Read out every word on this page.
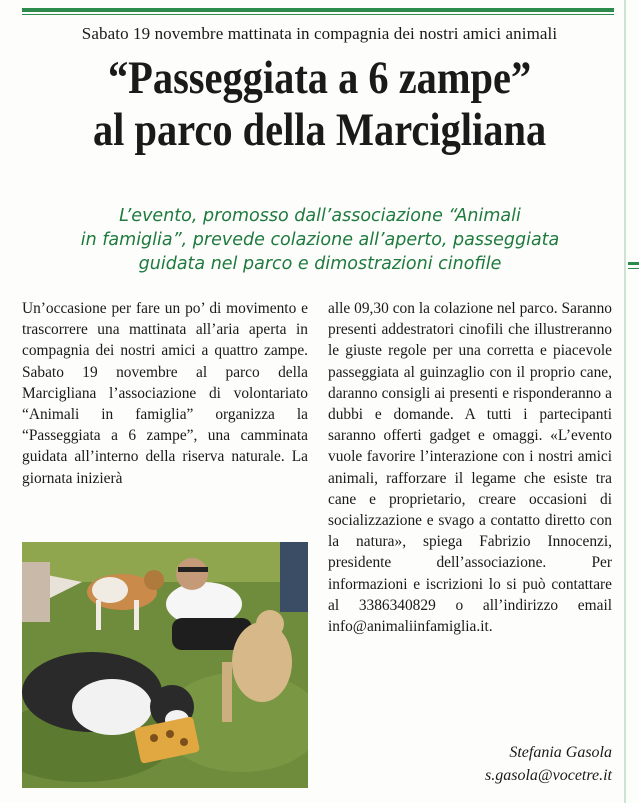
Sabato 19 novembre mattinata in compagnia dei nostri amici animali
“Passeggiata a 6 zampe”
al parco della Marcigliana
L’evento, promosso dall’associazione “Animali
in famiglia”, prevede colazione all’aperto, passeggiata
guidata nel parco e dimostrazioni cinofile

Un’occasione per fare un po’ di movimento e trascorrere una mattinata all’aria aperta in compagnia dei nostri amici a quattro zampe. Sabato 19 novembre al parco della Marcigliana l’associazione di volontariato “Animali in famiglia” organizza la “Passeggiata a 6 zampe”, una camminata guidata all’interno della riserva naturale. La giornata inizierà

alle 09,30 con la colazione nel parco. Saranno presenti addestratori cinofili che illustreranno le giuste regole per una corretta e piacevole passeggiata al guinzaglio con il proprio cane, daranno consigli ai presenti e risponderanno a dubbi e domande. A tutti i partecipanti saranno offerti gadget e omaggi. «L’evento vuole favorire l’interazione con i nostri amici animali, rafforzare il legame che esiste tra cane e proprietario, creare occasioni di socializzazione e svago a contatto diretto con la natura», spiega Fabrizio Innocenzi, presidente dell’associazione. Per informazioni e iscrizioni lo si può contattare al 3386340829 o all’indirizzo email info@animaliinfamiglia.it.

Stefania Gasola
s.gasola@vocetre.it
